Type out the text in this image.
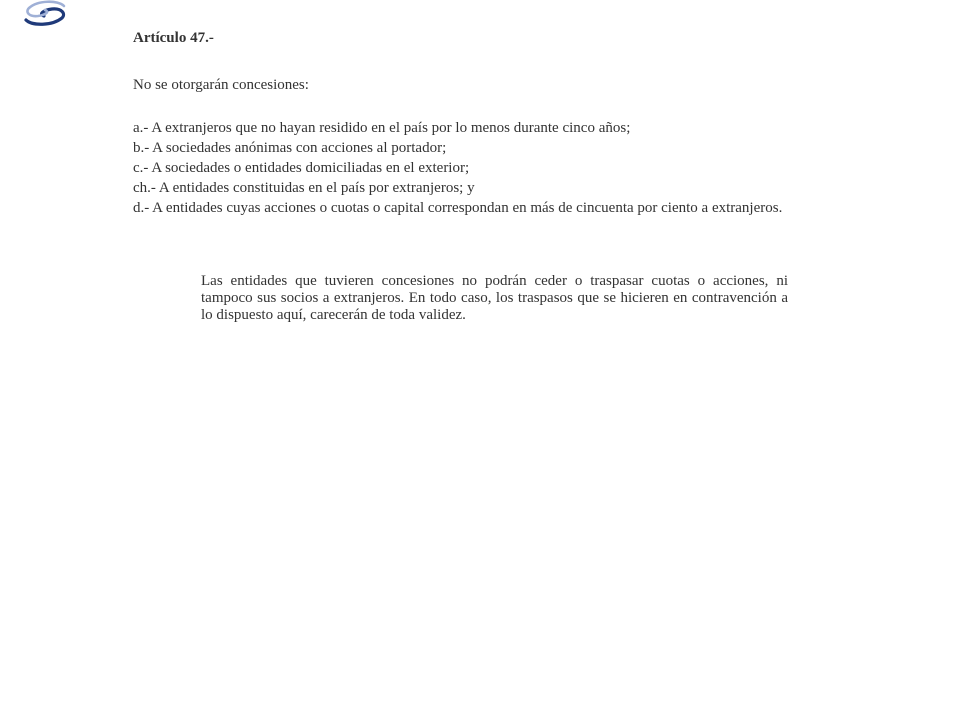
Artículo 47.-

No se otorgarán concesiones:

a.- A extranjeros que no hayan residido en el país por lo menos durante cinco años;
b.- A sociedades anónimas con acciones al portador;
c.- A sociedades o entidades domiciliadas en el exterior;
ch.- A entidades constituidas en el país por extranjeros; y
d.- A entidades cuyas acciones o cuotas o capital correspondan en más de cincuenta por ciento a extranjeros.

Las entidades que tuvieren concesiones no podrán ceder o traspasar cuotas o acciones, ni tampoco sus socios a extranjeros. En todo caso, los traspasos que se hicieren en contravención a lo dispuesto aquí, carecerán de toda validez.
